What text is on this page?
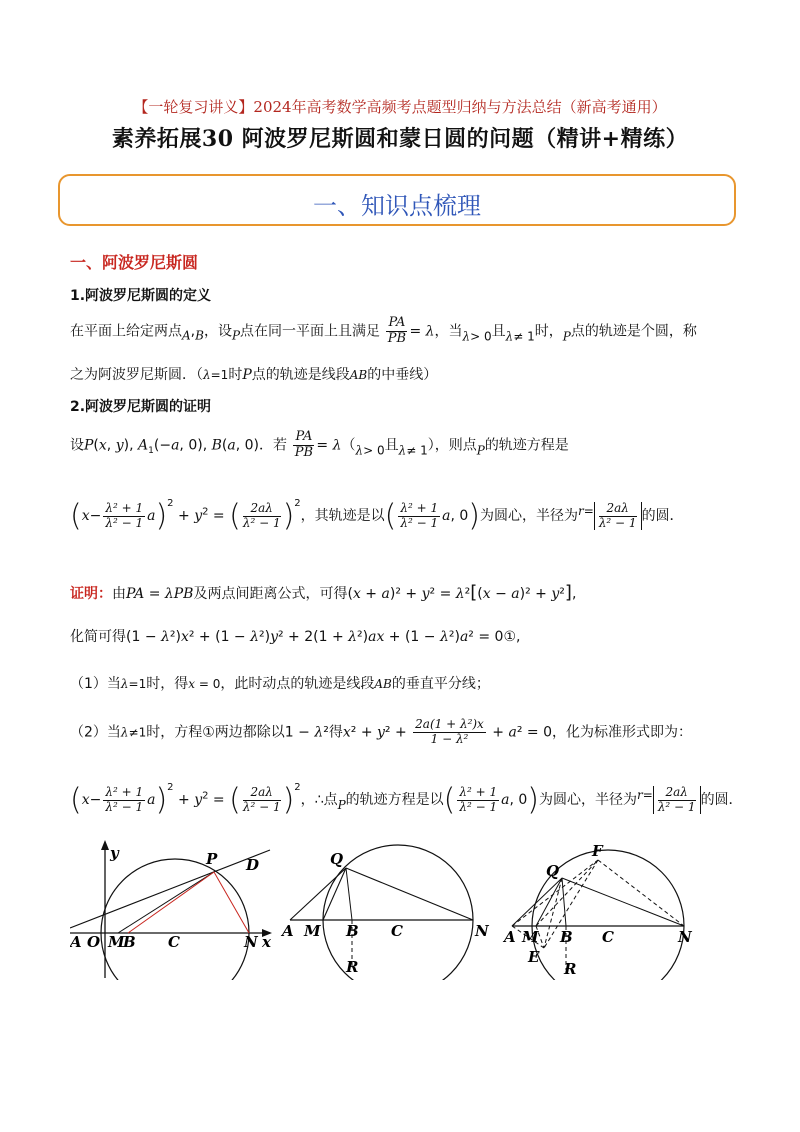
【一轮复习讲义】2024年高考数学高频考点题型归纳与方法总结（新高考通用）
素养拓展30 阿波罗尼斯圆和蒙日圆的问题（精讲+精练）
一、知识点梳理
一、阿波罗尼斯圆
1.阿波罗尼斯圆的定义
在平面上给定两点A,B，设P点在同一平面上且满足 $\frac{PA}{PB} = \lambda$，当λ> 0且λ≠ 1时，P点的轨迹是个圆，称
之为阿波罗尼斯圆．（λ=1时P点的轨迹是线段AB的中垂线）
2.阿波罗尼斯圆的证明
设P(x, y), $A_1(-a$, 0), B(a, 0)．若 $\frac{PA}{PB} = \lambda(\lambda> 0$且λ≠ 1），则点P的轨迹方程是
$(x- \frac{\text{λ² + 1}}{\text{λ² − 1}} a)^2 + y^2$ = ( $\frac{2a\lambda}{\text{λ² − 1}} )^2$，其轨迹是以( $\frac{\text{λ² + 1}}{\text{λ² − 1}} a$, 0)为圆心，半径为$r= \frac{2a\lambda}{\text{λ² − 1}}$ 的圆．
证明：由PA = λPB及两点间距离公式，可得(x + a)² + y² = λ²[(x − a)² + y²],
化简可得(1 − λ²)x² + (1 − λ²)y² + 2(1 + λ²)ax + (1 − λ²)a² = 0①,
（1）当λ=1时，得x = 0，此时动点的轨迹是线段AB的垂直平分线；
（2）当λ≠1时，方程①两边都除以1 − λ²得$x^2 + y^2 + \frac{\text{2a(1 + λ²)x}}{\text{1 − λ²}} + a^2 = 0$，化为标准形式即为：
$(x- \frac{\text{λ² + 1}}{\text{λ² − 1}} a)^2 + y^2$ = ( $\frac{2a\lambda}{\text{λ² − 1}} )^2$，∴点P的轨迹方程是以( $\frac{\text{λ² + 1}}{\text{λ² − 1}} a$, 0)为圆心，半径为$r= \frac{2a\lambda}{\text{λ² − 1}}$ 的圆．
y	P D
A O M
B C	N x
Q
A M B C	N
R
F
Q
A M B C	N
E
R
